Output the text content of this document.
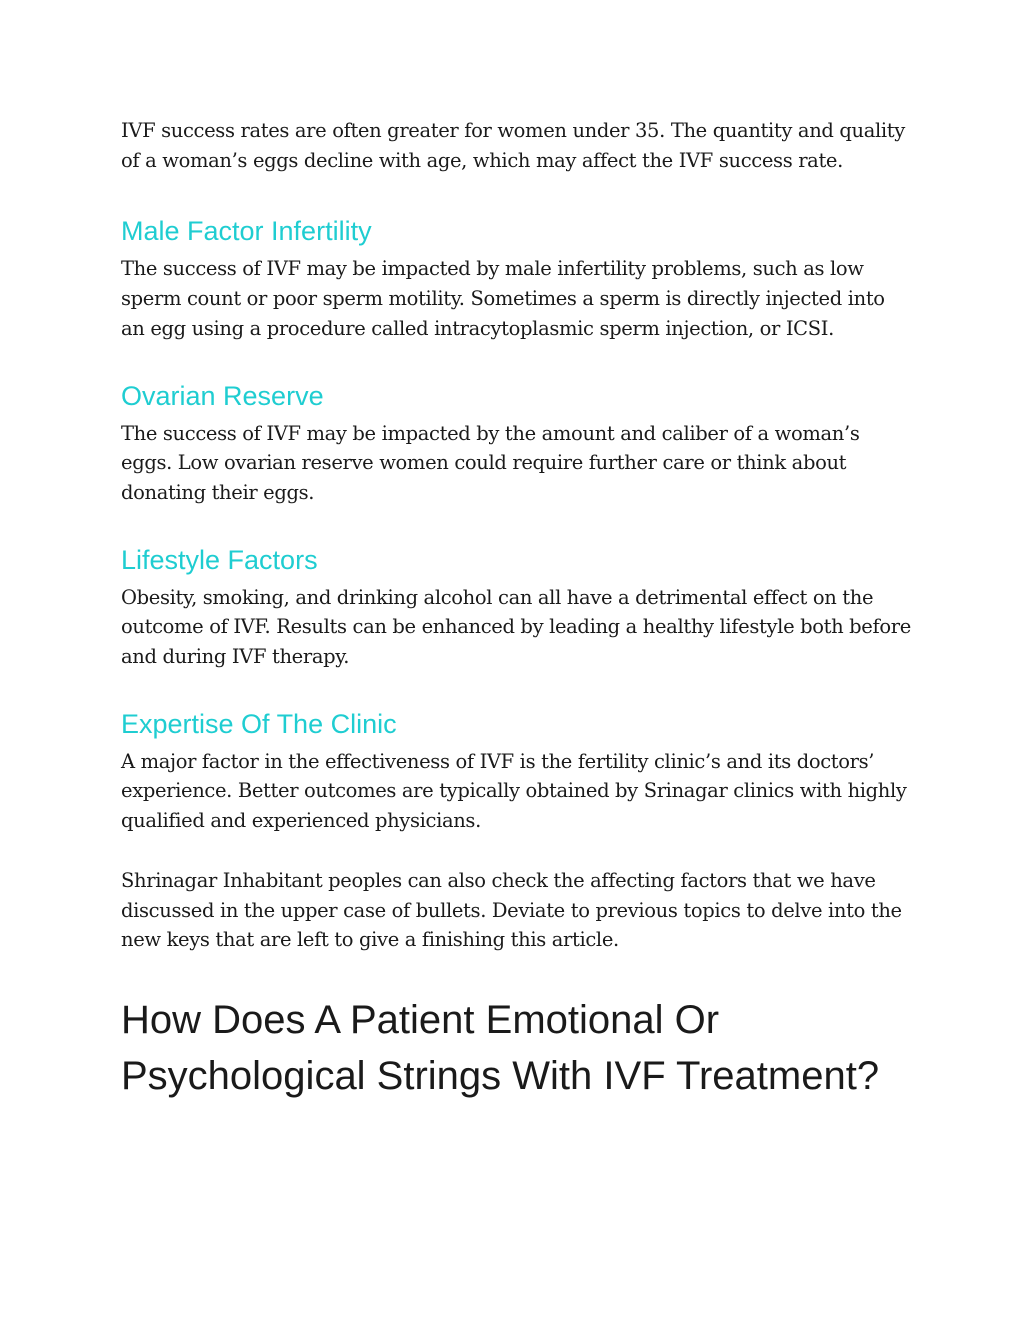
IVF success rates are often greater for women under 35. The quantity and quality of a woman’s eggs decline with age, which may affect the IVF success rate.

Male Factor Infertility

The success of IVF may be impacted by male infertility problems, such as low sperm count or poor sperm motility. Sometimes a sperm is directly injected into an egg using a procedure called intracytoplasmic sperm injection, or ICSI.

Ovarian Reserve

The success of IVF may be impacted by the amount and caliber of a woman’s eggs. Low ovarian reserve women could require further care or think about donating their eggs.

Lifestyle Factors

Obesity, smoking, and drinking alcohol can all have a detrimental effect on the outcome of IVF. Results can be enhanced by leading a healthy lifestyle both before and during IVF therapy.

Expertise Of The Clinic

A major factor in the effectiveness of IVF is the fertility clinic’s and its doctors’ experience. Better outcomes are typically obtained by Srinagar clinics with highly qualified and experienced physicians.

Shrinagar Inhabitant peoples can also check the affecting factors that we have discussed in the upper case of bullets. Deviate to previous topics to delve into the new keys that are left to give a finishing this article.

How Does A Patient Emotional Or Psychological Strings With IVF Treatment?
